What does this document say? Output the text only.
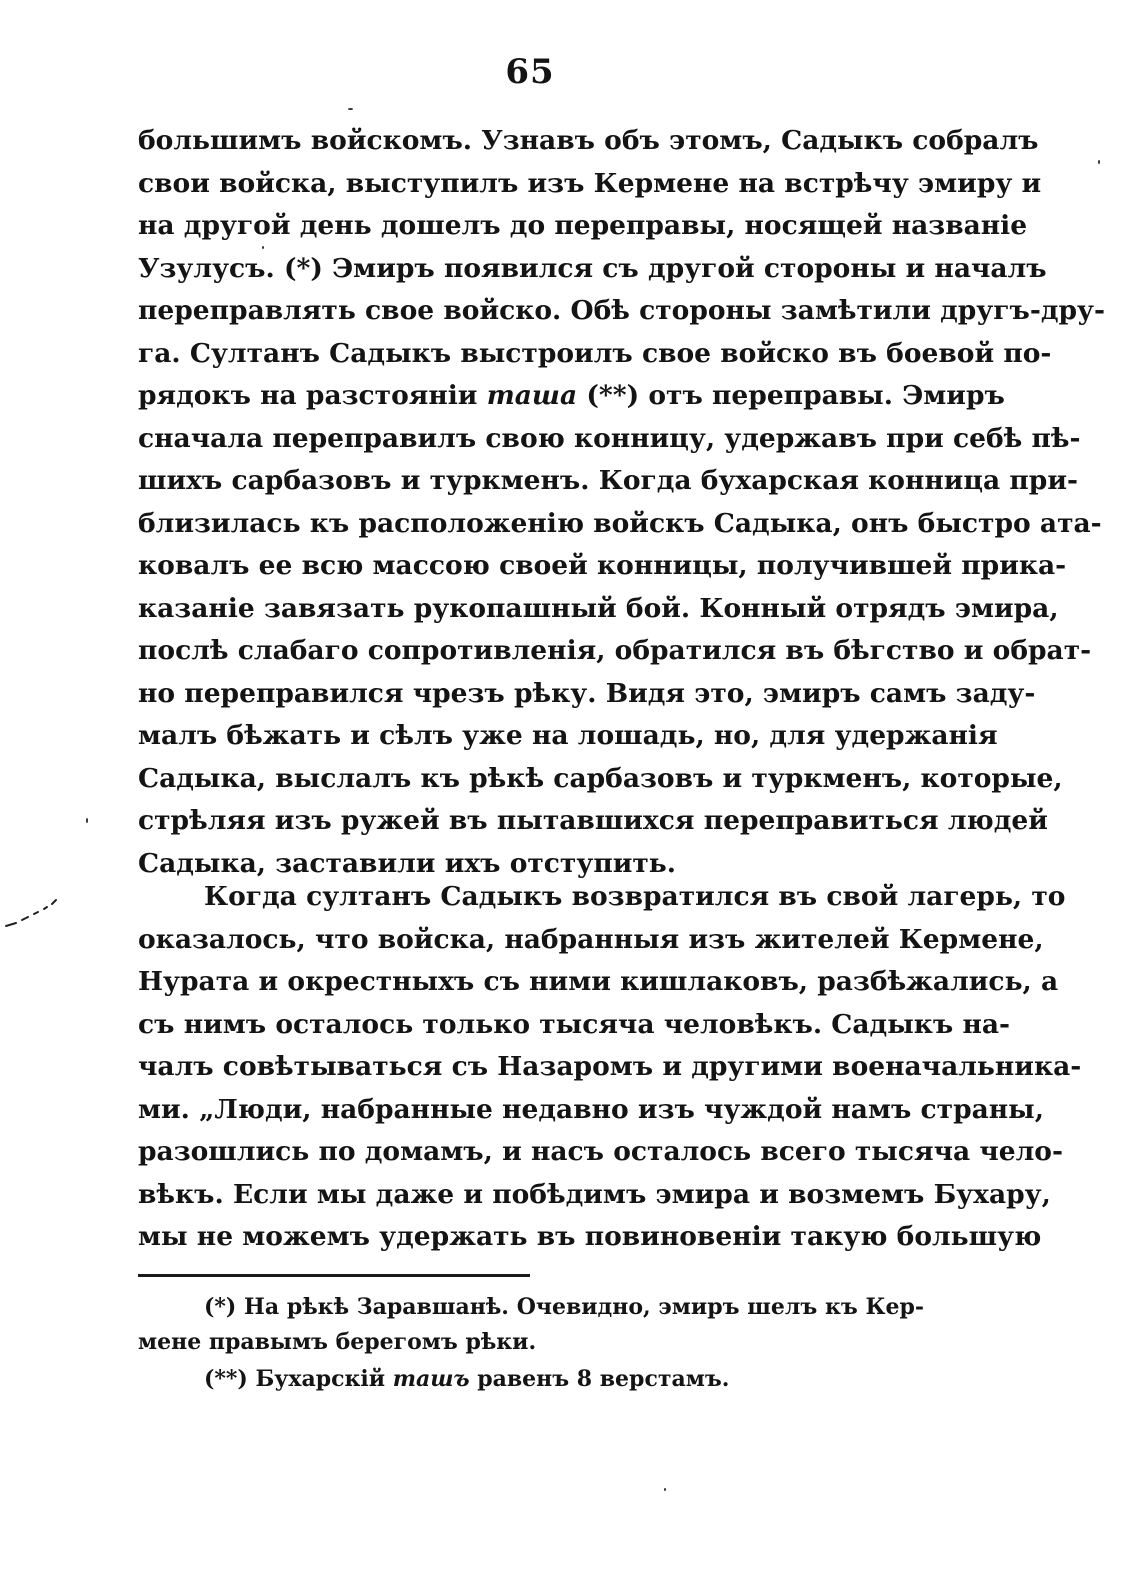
65
большимъ войскомъ. Узнавъ объ этомъ, Садыкъ собралъ
свои войска, выступилъ изъ Кермене на встрѣчу эмиру и
на другой день дошелъ до переправы, носящей названіе
Узулусъ. (*) Эмиръ появился съ другой стороны и началъ
переправлять свое войско. Обѣ стороны замѣтили другъ-дру-
га. Султанъ Садыкъ выстроилъ свое войско въ боевой по-
рядокъ на разстояніи таша (**) отъ переправы. Эмиръ
сначала переправилъ свою конницу, удержавъ при себѣ пѣ-
шихъ сарбазовъ и туркменъ. Когда бухарская конница при-
близилась къ расположенію войскъ Садыка, онъ быстро ата-
ковалъ ее всю массою своей конницы, получившей прика-
казаніе завязать рукопашный бой. Конный отрядъ эмира,
послѣ слабаго сопротивленія, обратился въ бѣгство и обрат-
но переправился чрезъ рѣку. Видя это, эмиръ самъ заду-
малъ бѣжать и сѣлъ уже на лошадь, но, для удержанія
Садыка, выслалъ къ рѣкѣ сарбазовъ и туркменъ, которые,
стрѣляя изъ ружей въ пытавшихся переправиться людей
Садыка, заставили ихъ отступить.
Когда султанъ Садыкъ возвратился въ свой лагерь, то
оказалось, что войска, набранныя изъ жителей Кермене,
Нурата и окрестныхъ съ ними кишлаковъ, разбѣжались, а
съ нимъ осталось только тысяча человѣкъ. Садыкъ на-
чалъ совѣтываться съ Назаромъ и другими военачальника-
ми. „Люди, набранные недавно изъ чуждой намъ страны,
разошлись по домамъ, и насъ осталось всего тысяча чело-
вѣкъ. Если мы даже и побѣдимъ эмира и возмемъ Бухару,
мы не можемъ удержать въ повиновеніи такую большую
(*) На рѣкѣ Заравшанѣ. Очевидно, эмиръ шелъ къ Кер-
мене правымъ берегомъ рѣки.
(**) Бухарскій ташъ равенъ 8 верстамъ.
